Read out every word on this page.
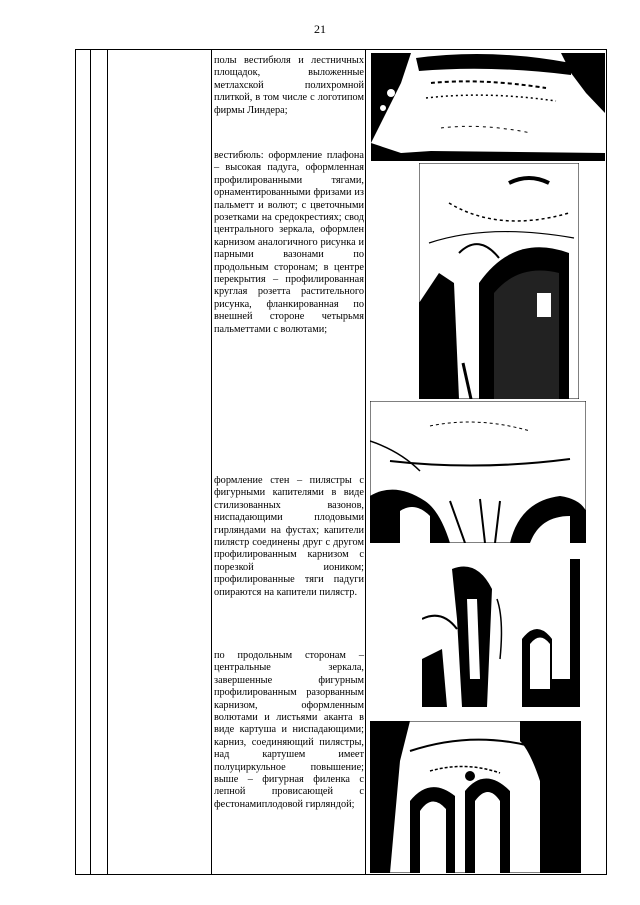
21
полы вестибюля и лестничных площадок, выложенные метлахской полихромной плиткой, в том числе с логотипом фирмы Линдера;
вестибюль: оформление плафона – высокая падуга, оформленная профилированными тягами, орнаментированными фризами из пальметт и волют; с цветочными розетками на средокрестиях; свод центрального зеркала, оформлен карнизом аналогичного рисунка и парными вазонами по продольным сторонам; в центре перекрытия – профилированная круглая розетта растительного рисунка, фланкированная по внешней стороне четырьмя пальметтами с волютами;
формление стен – пилястры с фигурными капителями в виде стилизованных вазонов, ниспадающими плодовыми гирляндами на фустах; капители пилястр соединены друг с другом профилированным карнизом с порезкой иоником; профилированные тяги падуги опираются на капители пилястр.
по продольным сторонам – центральные зеркала, завершенные фигурным профилированным разорванным карнизом, оформленным волютами и листьями аканта в виде картуша и ниспадающими; карниз, соединяющий пилястры, над картушем имеет полуциркульное повышение; выше – фигурная филенка с лепной провисающей с фестонамиплодовой гирляндой;
